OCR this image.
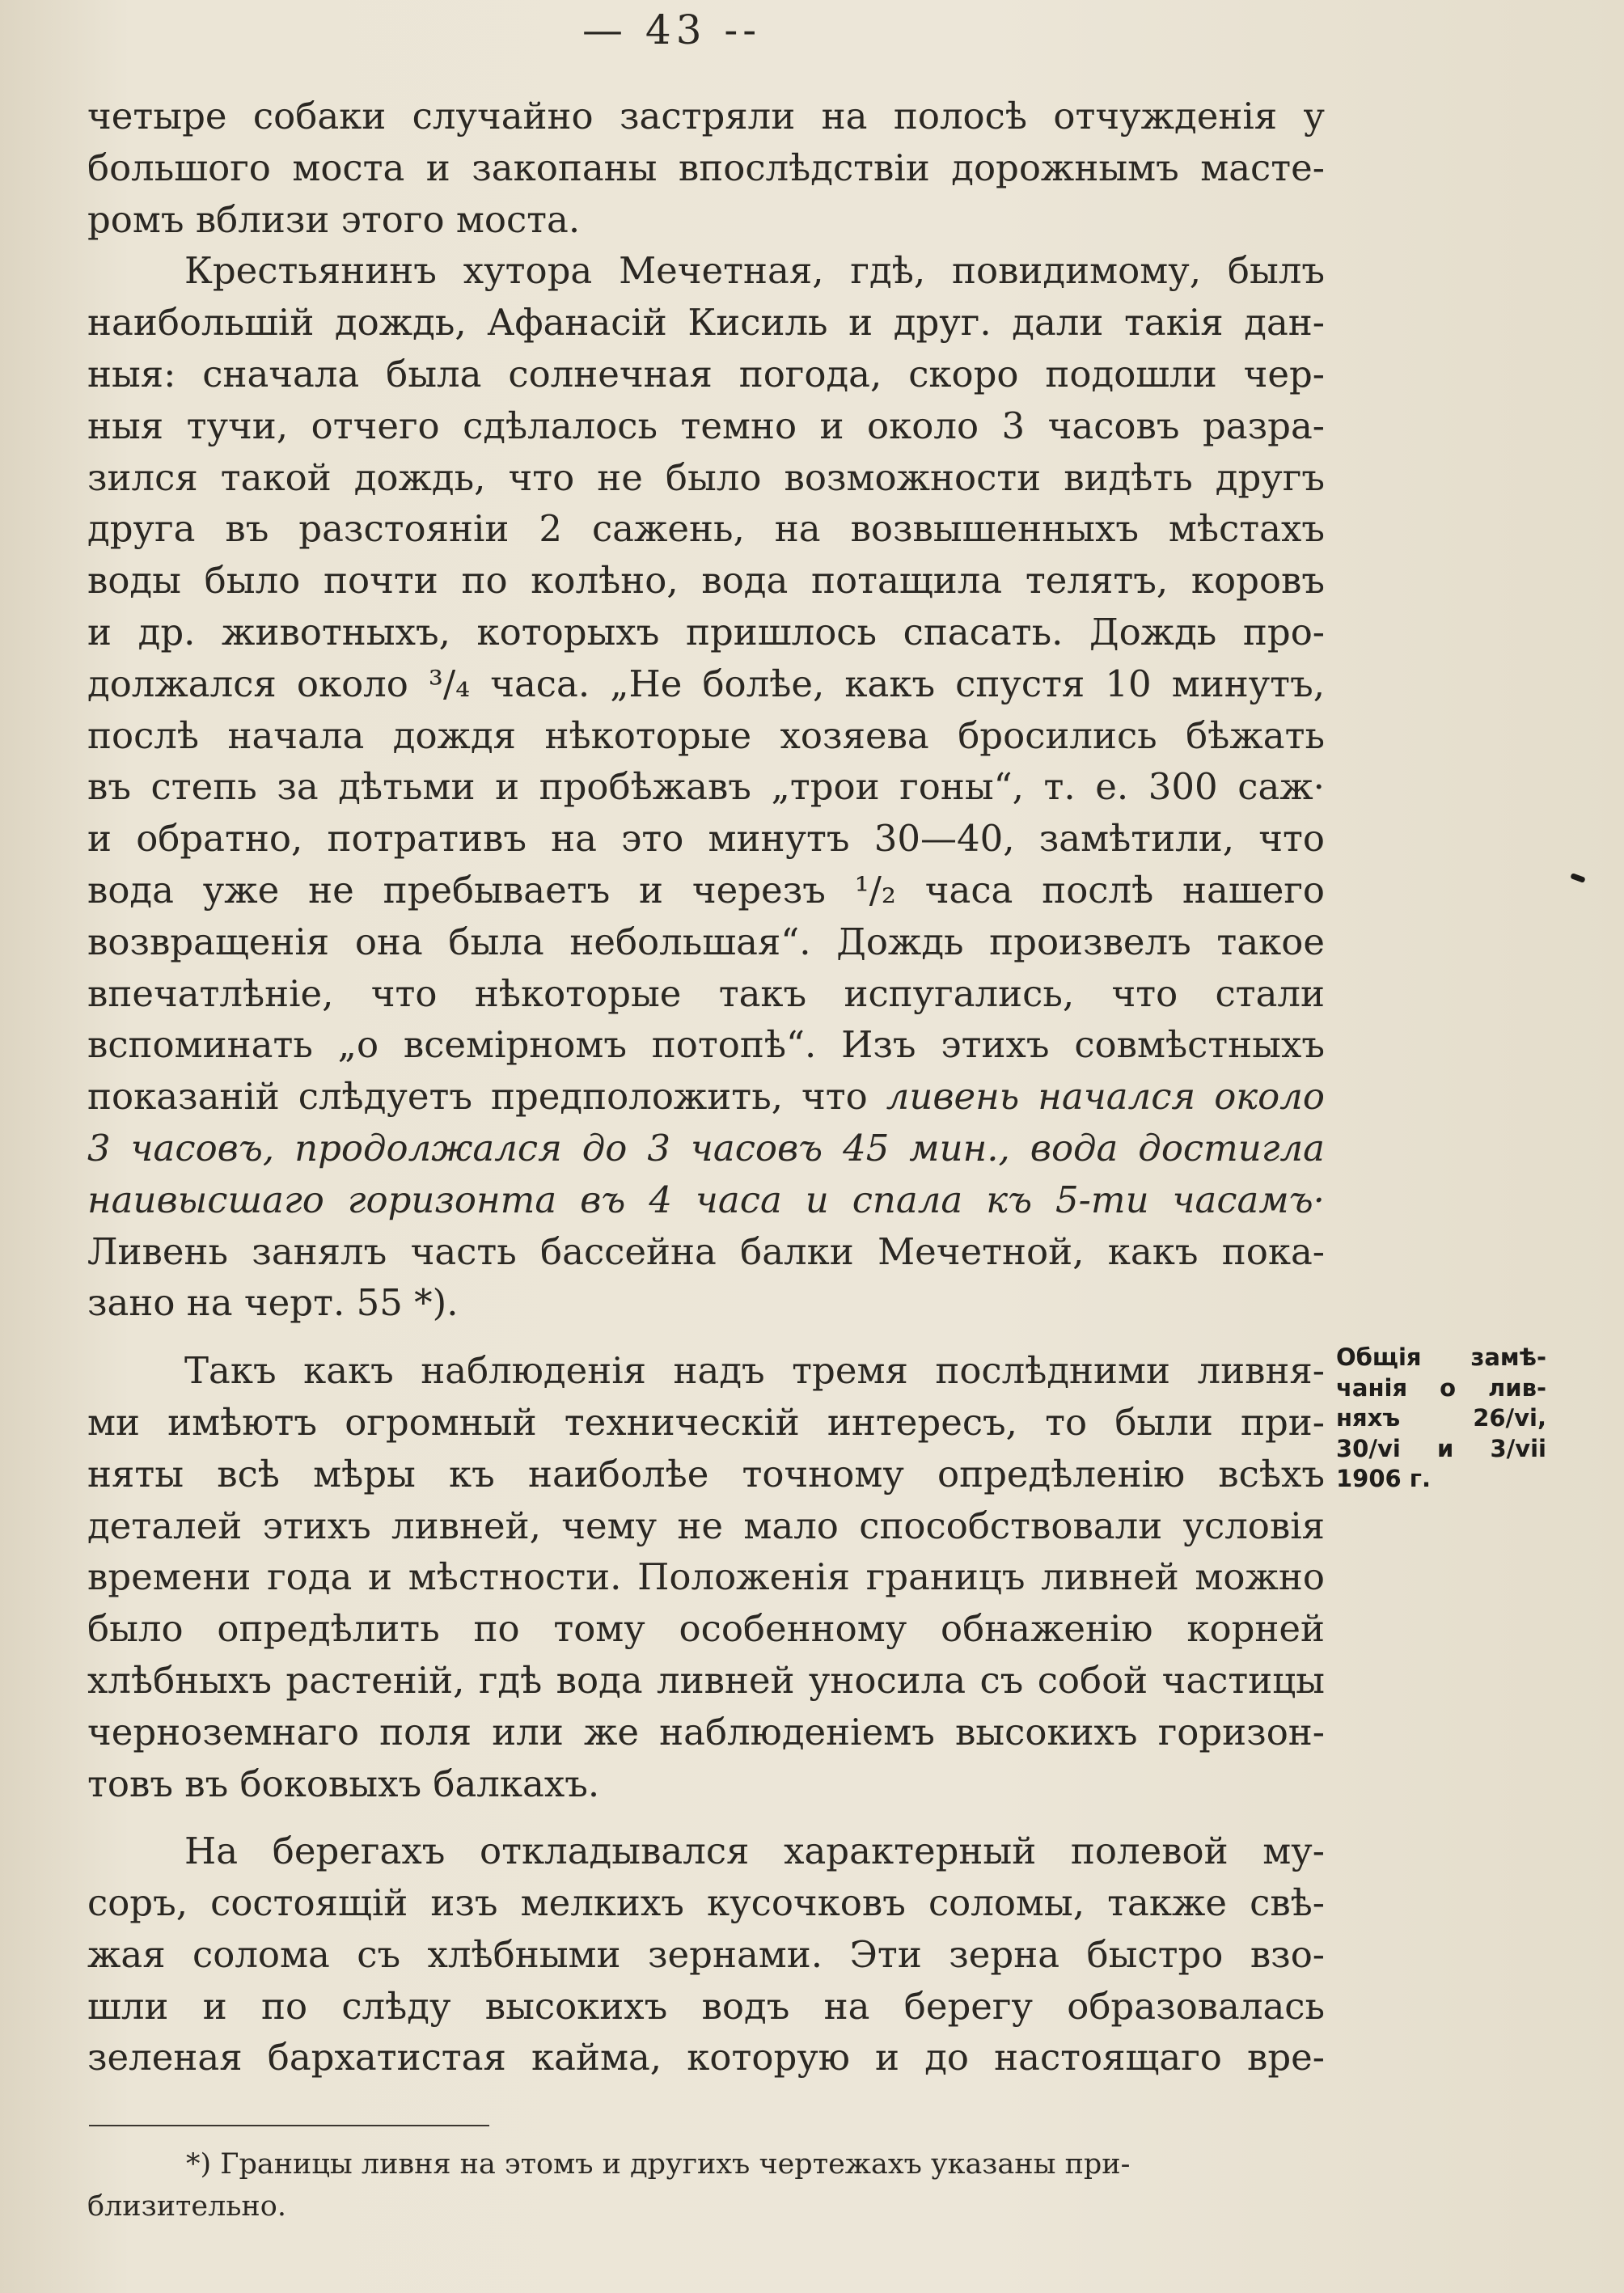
— 43 --
четыре собаки случайно застряли на полосѣ отчужденія у
большого моста и закопаны впослѣдствіи дорожнымъ масте-
ромъ вблизи этого моста.
Крестьянинъ хутора Мечетная, гдѣ, повидимому, былъ
наибольшій дождь, Афанасій Кисиль и друг. дали такія дан-
ныя: сначала была солнечная погода, скоро подошли чер-
ныя тучи, отчего сдѣлалось темно и около 3 часовъ разра-
зился такой дождь, что не было возможности видѣть другъ
друга въ разстояніи 2 сажень, на возвышенныхъ мѣстахъ
воды было почти по колѣно, вода потащила телятъ, коровъ
и др. животныхъ, которыхъ пришлось спасать. Дождь про-
должался около ³/₄ часа. „Не болѣе, какъ спустя 10 минутъ,
послѣ начала дождя нѣкоторые хозяева бросились бѣжать
въ степь за дѣтьми и пробѣжавъ „трои гоны“, т. е. 300 саж·
и обратно, потративъ на это минутъ 30—40, замѣтили, что
вода уже не пребываетъ и черезъ ¹/₂ часа послѣ нашего
возвращенія она была небольшая“. Дождь произвелъ такое
впечатлѣніе, что нѣкоторые такъ испугались, что стали
вспоминать „о всемірномъ потопѣ“. Изъ этихъ совмѣстныхъ
показаній слѣдуетъ предположить, что ливень начался около
3 часовъ, продолжался до 3 часовъ 45 мин., вода достигла
наивысшаго горизонта въ 4 часа и спала къ 5-ти часамъ·
Ливень занялъ часть бассейна балки Мечетной, какъ пока-
зано на черт. 55 *).
Такъ какъ наблюденія надъ тремя послѣдними ливня-
ми имѣютъ огромный техническій интересъ, то были при-
няты всѣ мѣры къ наиболѣе точному опредѣленію всѣхъ
деталей этихъ ливней, чему не мало способствовали условія
времени года и мѣстности. Положенія границъ ливней можно
было опредѣлить по тому особенному обнаженію корней
хлѣбныхъ растеній, гдѣ вода ливней уносила съ собой частицы
черноземнаго поля или же наблюденіемъ высокихъ горизон-
товъ въ боковыхъ балкахъ.
На берегахъ откладывался характерный полевой му-
соръ, состоящій изъ мелкихъ кусочковъ соломы, также свѣ-
жая солома съ хлѣбными зернами. Эти зерна быстро взо-
шли и по слѣду высокихъ водъ на берегу образовалась
зеленая бархатистая кайма, которую и до настоящаго вре-
Общія замѣ-
чанія о лив-
няхъ 26/vi,
30/vi и 3/vii
1906 г.
*) Границы ливня на этомъ и другихъ чертежахъ указаны при-
близительно.
